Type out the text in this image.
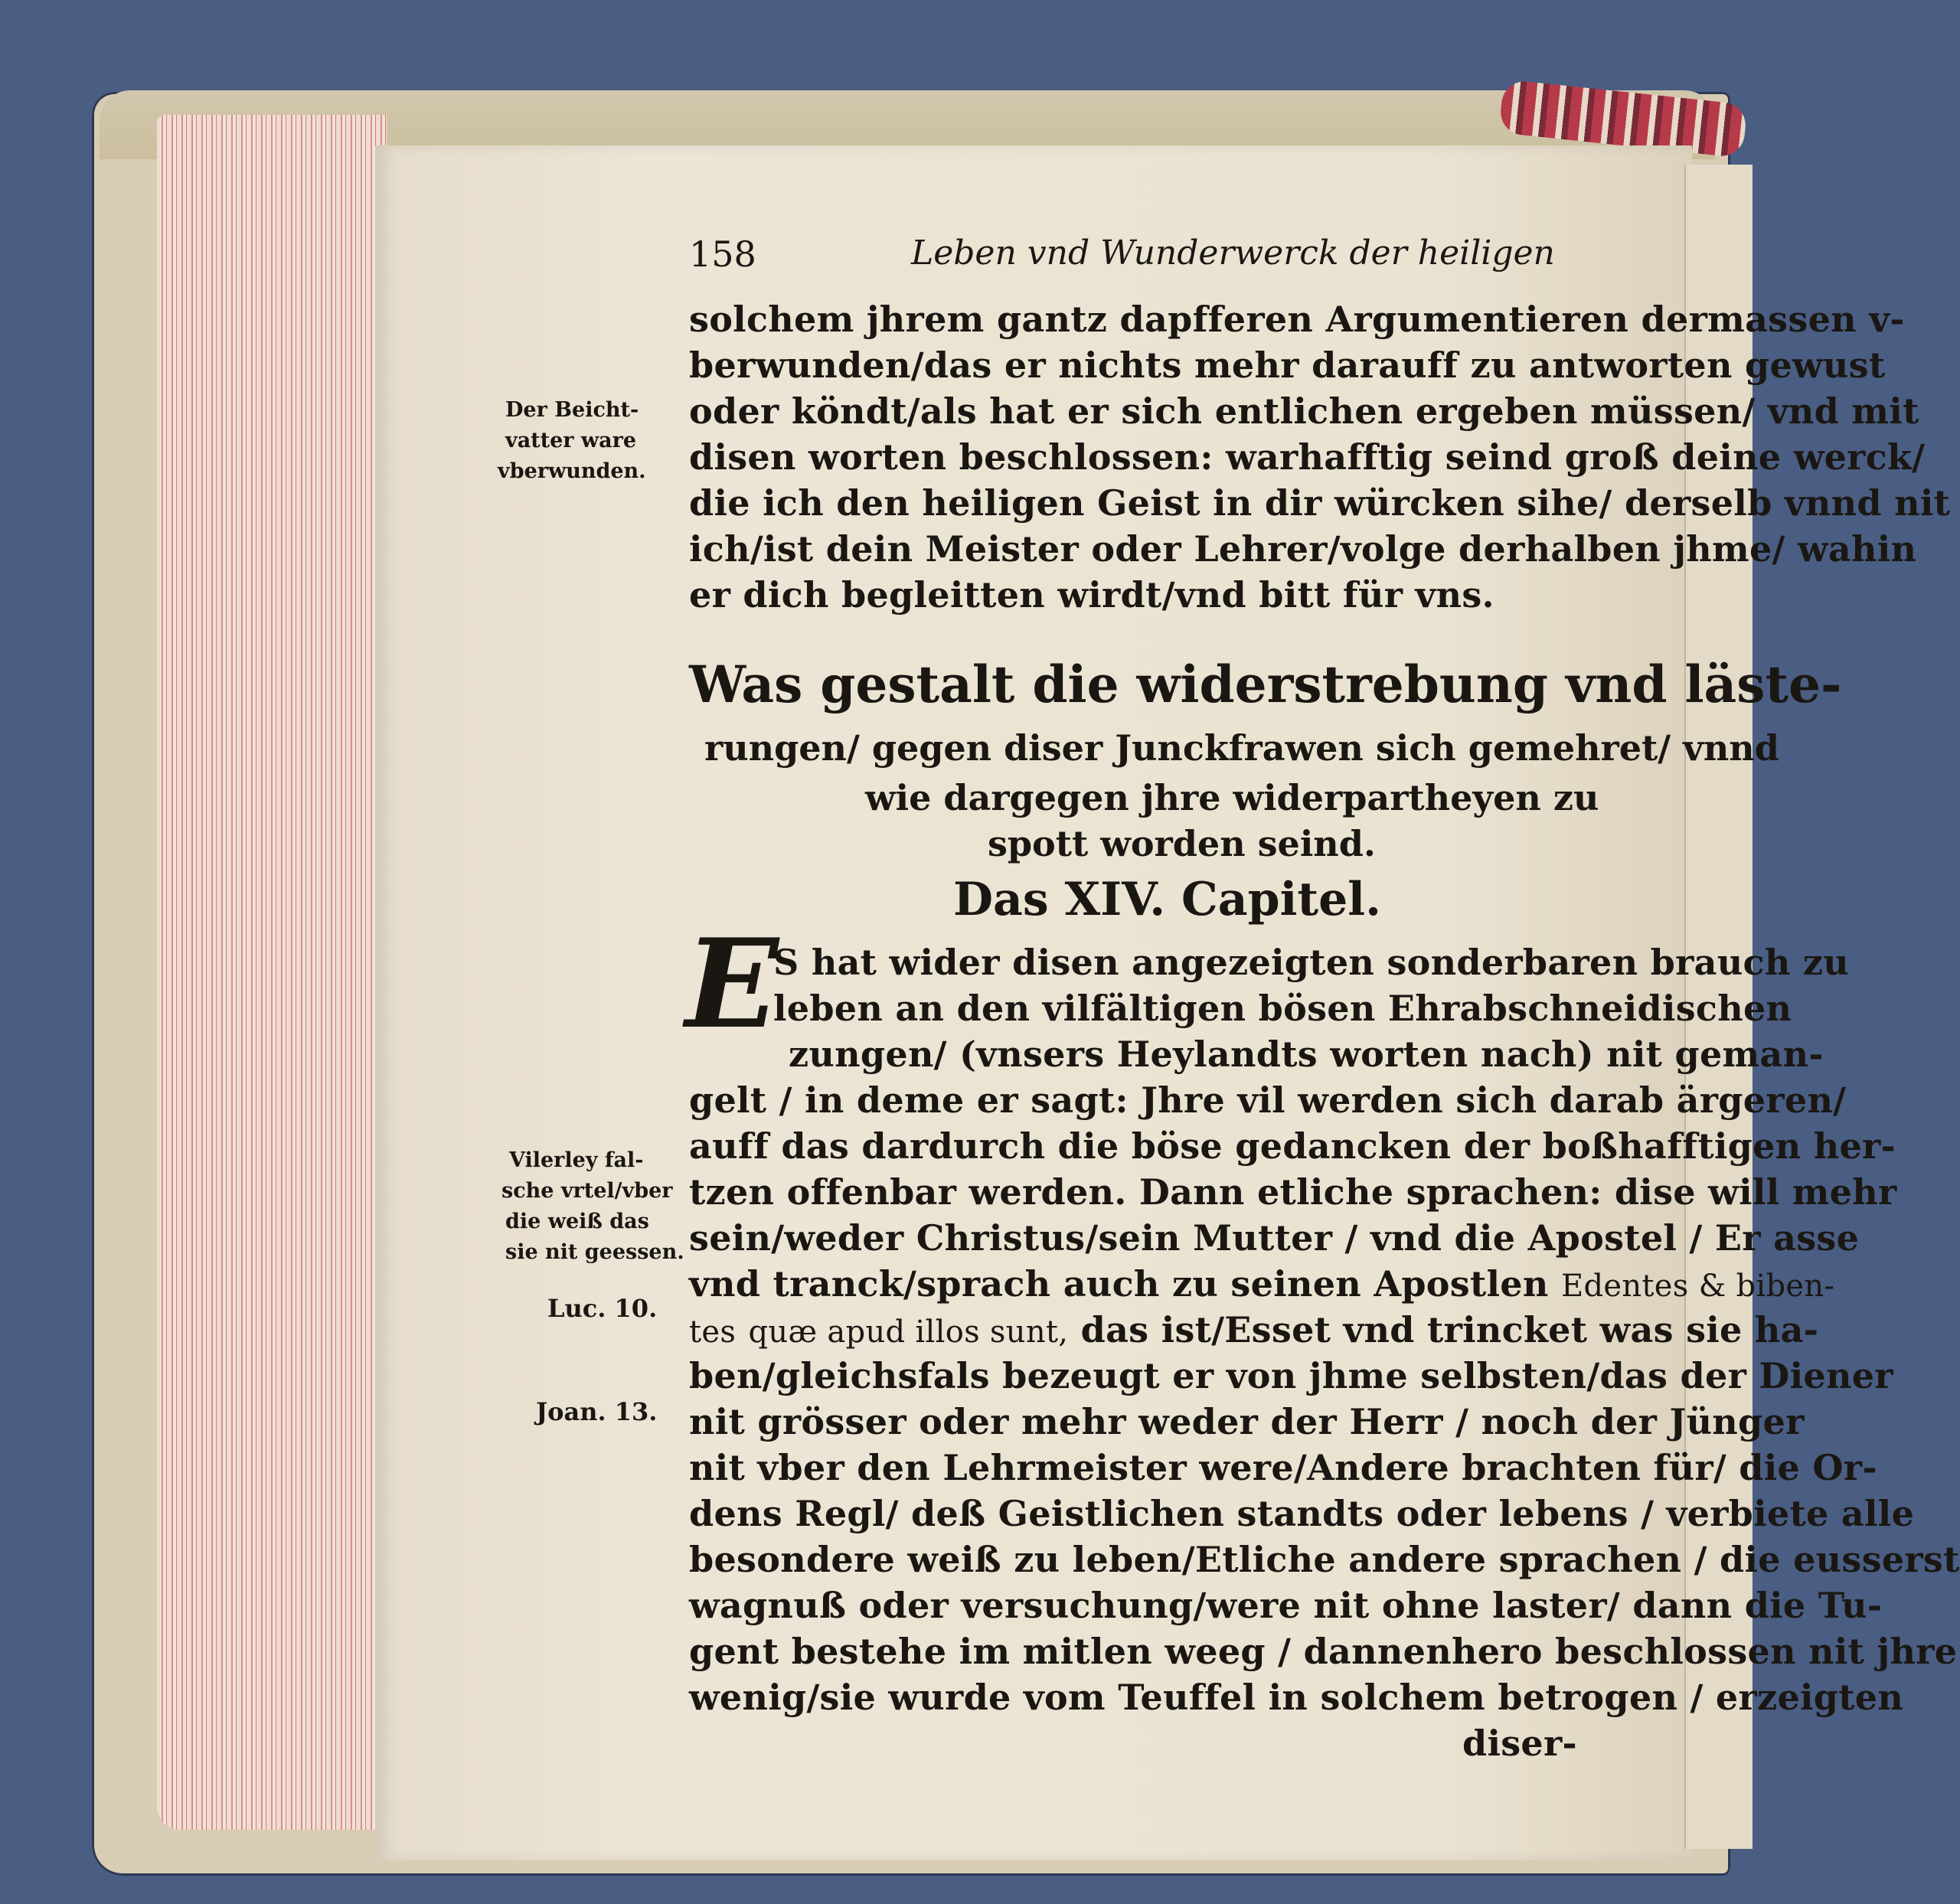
158	Leben vnd Wunderwerck der heiligen
solchem jhrem gantz dapfferen Argumentieren dermassen v-
berwunden/das er nichts mehr darauff zu antworten gewust
oder köndt/als hat er sich entlichen ergeben müssen/ vnd mit
disen worten beschlossen: warhafftig seind groß deine werck/
die ich den heiligen Geist in dir würcken sihe/ derselb vnnd nit
ich/ist dein Meister oder Lehrer/volge derhalben jhme/ wahin
er dich begleitten wirdt/vnd bitt für vns.
Der Beicht-
vatter ware
vberwunden.
Was gestalt die widerstrebung vnd läste-
rungen/ gegen diser Junckfrawen sich gemehret/ vnnd
wie dargegen jhre widerpartheyen zu
spott worden seind.
Das XIV. Capitel.
E
S hat wider disen angezeigten sonderbaren brauch zu
leben an den vilfältigen bösen Ehrabschneidischen
zungen/ (vnsers Heylandts worten nach) nit geman-
gelt / in deme er sagt: Jhre vil werden sich darab ärgeren/
auff das dardurch die böse gedancken der boßhafftigen her-
tzen offenbar werden. Dann etliche sprachen: dise will mehr
sein/weder Christus/sein Mutter / vnd die Apostel / Er asse
vnd tranck/sprach auch zu seinen Apostlen Edentes & biben-
tes quæ apud illos sunt, das ist/Esset vnd trincket was sie ha-
ben/gleichsfals bezeugt er von jhme selbsten/das der Diener
nit grösser oder mehr weder der Herr / noch der Jünger
nit vber den Lehrmeister were/Andere brachten für/ die Or-
dens Regl/ deß Geistlichen standts oder lebens / verbiete alle
besondere weiß zu leben/Etliche andere sprachen / die eusserst
wagnuß oder versuchung/were nit ohne laster/ dann die Tu-
gent bestehe im mitlen weeg / dannenhero beschlossen nit jhre
wenig/sie wurde vom Teuffel in solchem betrogen / erzeigten
diser-
Vilerley fal-
sche vrtel/vber
die weiß das
sie nit geessen.
Luc. 10.
Joan. 13.
